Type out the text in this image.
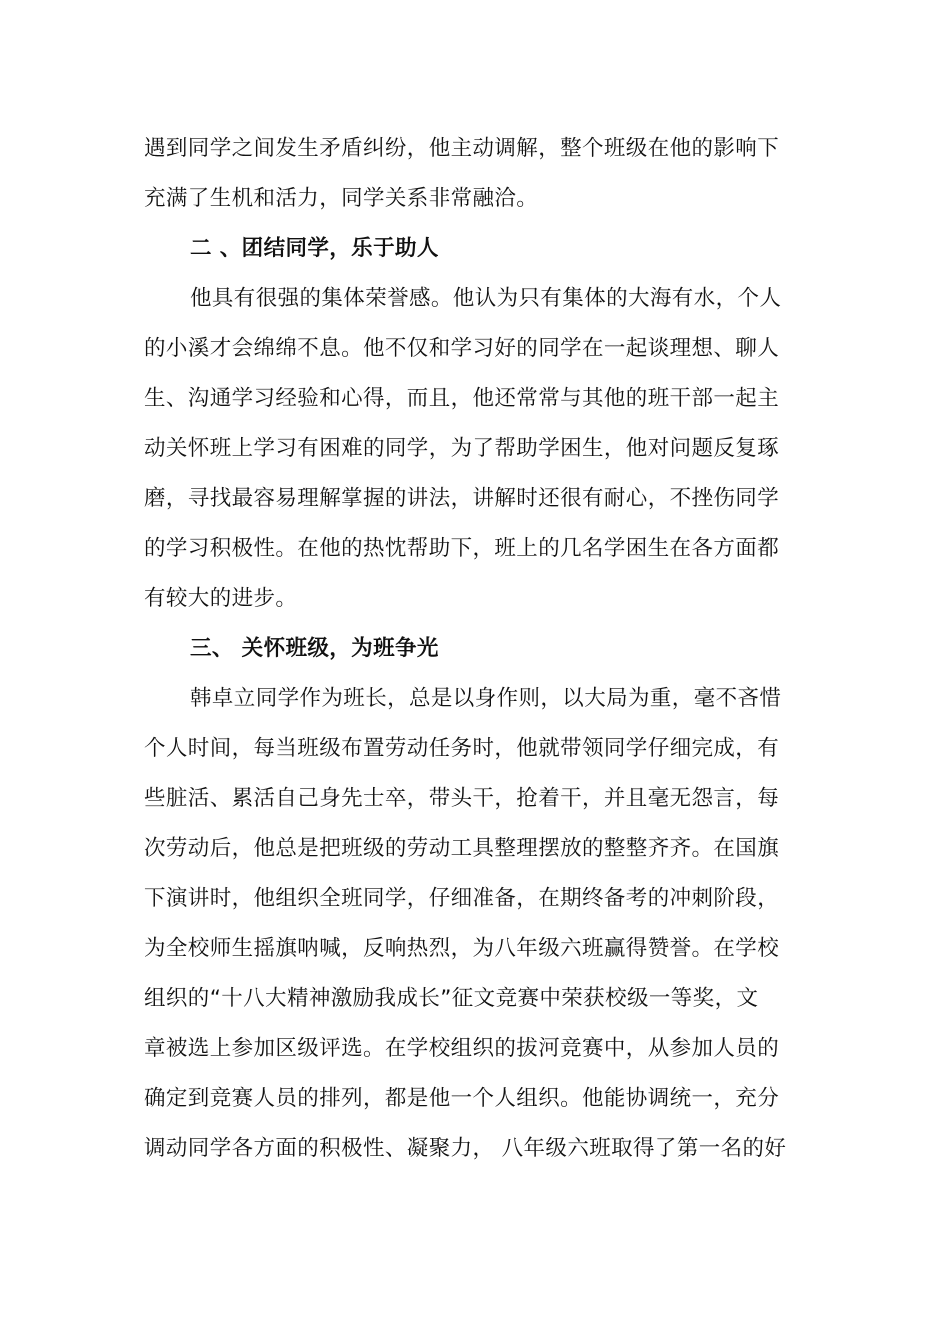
遇到同学之间发生矛盾纠纷，他主动调解，整个班级在他的影响下
充满了生机和活力，同学关系非常融洽。
二 、团结同学，乐于助人
他具有很强的集体荣誉感。他认为只有集体的大海有水，个人
的小溪才会绵绵不息。他不仅和学习好的同学在一起谈理想、聊人
生、沟通学习经验和心得，而且，他还常常与其他的班干部一起主
动关怀班上学习有困难的同学，为了帮助学困生，他对问题反复琢
磨，寻找最容易理解掌握的讲法，讲解时还很有耐心，不挫伤同学
的学习积极性。在他的热忱帮助下，班上的几名学困生在各方面都
有较大的进步。
三、 关怀班级，为班争光
韩卓立同学作为班长，总是以身作则，以大局为重，毫不吝惜
个人时间，每当班级布置劳动任务时，他就带领同学仔细完成，有
些脏活、累活自己身先士卒，带头干，抢着干，并且毫无怨言，每
次劳动后，他总是把班级的劳动工具整理摆放的整整齐齐。在国旗
下演讲时，他组织全班同学，仔细准备，在期终备考的冲刺阶段，
为全校师生摇旗呐喊，反响热烈，为八年级六班赢得赞誉。在学校
组织的“十八大精神激励我成长”征文竞赛中荣获校级一等奖，文
章被选上参加区级评选。在学校组织的拔河竞赛中，从参加人员的
确定到竞赛人员的排列，都是他一个人组织。他能协调统一，充分
调动同学各方面的积极性、凝聚力， 八年级六班取得了第一名的好
